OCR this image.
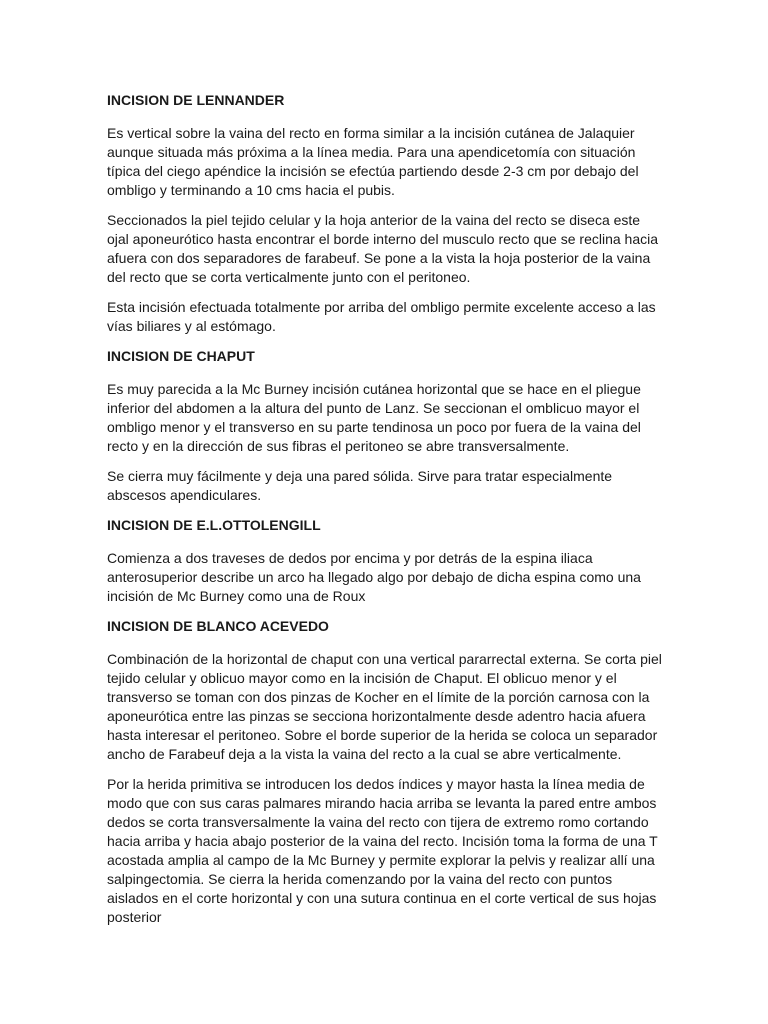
INCISION DE LENNANDER
Es vertical sobre la vaina del recto en forma similar a la incisión cutánea de Jalaquier aunque situada más próxima a la línea media. Para una apendicetomía con situación típica del ciego apéndice la incisión se efectúa partiendo desde 2-3 cm por debajo del ombligo y terminando a 10 cms hacia el pubis.
Seccionados la piel tejido celular y la hoja anterior de la vaina del recto se diseca este ojal aponeurótico hasta encontrar el borde interno del musculo recto que se reclina hacia afuera con dos separadores de farabeuf. Se pone a la vista la hoja posterior de la vaina del recto que se corta verticalmente junto con el peritoneo.
Esta incisión efectuada totalmente por arriba del ombligo permite excelente acceso a las vías biliares y al estómago.
INCISION DE CHAPUT
Es muy parecida a la Mc Burney incisión cutánea horizontal que se hace en el pliegue inferior del abdomen a la altura del punto de Lanz. Se seccionan el omblicuo mayor el ombligo menor y el transverso en su parte tendinosa un poco por fuera de la vaina del recto y en la dirección de sus fibras el peritoneo se abre transversalmente.
Se cierra muy fácilmente y deja una pared sólida. Sirve para tratar especialmente abscesos apendiculares.
INCISION DE E.L.OTTOLENGILL
Comienza a dos traveses de dedos por encima y por detrás de la espina iliaca anterosuperior describe un arco ha llegado algo por debajo de dicha espina como una incisión de Mc Burney como una de Roux
INCISION DE BLANCO ACEVEDO
Combinación de la horizontal de chaput con una vertical pararrectal externa. Se corta piel tejido celular y oblicuo mayor como en la incisión de Chaput. El oblicuo menor y el transverso se toman con dos pinzas de Kocher en el límite de la porción carnosa con la aponeurótica entre las pinzas se secciona horizontalmente desde adentro hacia afuera hasta interesar el peritoneo. Sobre el borde superior de la herida se coloca un separador ancho de Farabeuf deja a la vista la vaina del recto a la cual se abre verticalmente.
Por la herida primitiva se introducen los dedos índices y mayor hasta la línea media de modo que con sus caras palmares mirando hacia arriba se levanta la pared entre ambos dedos se corta transversalmente la vaina del recto con tijera de extremo romo cortando hacia arriba y hacia abajo posterior de la vaina del recto. Incisión toma la forma de una T acostada amplia al campo de la Mc Burney y permite explorar la pelvis y realizar allí una salpingectomia. Se cierra la herida comenzando por la vaina del recto con puntos aislados en el corte horizontal y con una sutura continua en el corte vertical de sus hojas posterior
